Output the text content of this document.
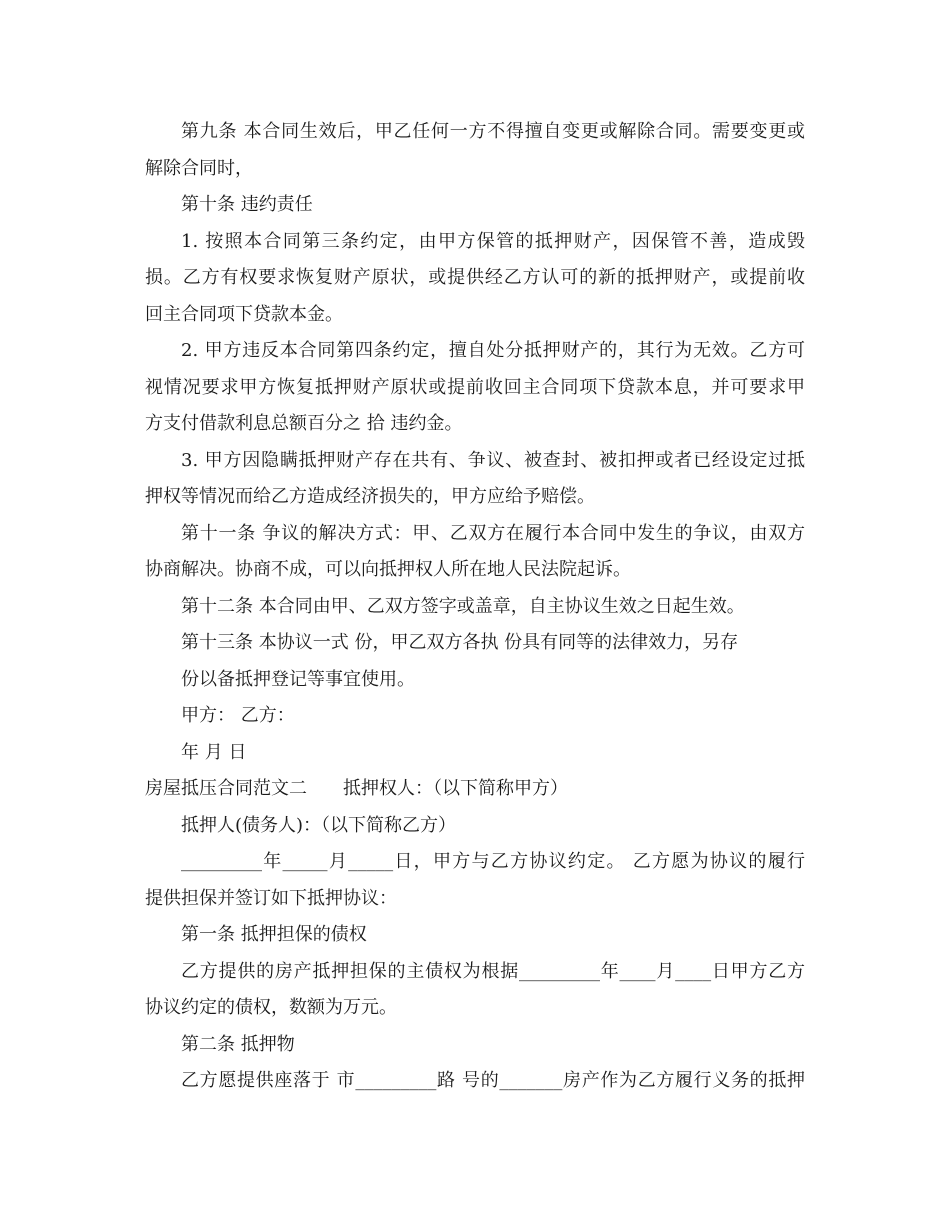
第九条 本合同生效后，甲乙任何一方不得擅自变更或解除合同。需要变更或
解除合同时，
第十条 违约责任
1. 按照本合同第三条约定，由甲方保管的抵押财产，因保管不善，造成毁
损。乙方有权要求恢复财产原状，或提供经乙方认可的新的抵押财产，或提前收
回主合同项下贷款本金。
2. 甲方违反本合同第四条约定，擅自处分抵押财产的，其行为无效。乙方可
视情况要求甲方恢复抵押财产原状或提前收回主合同项下贷款本息，并可要求甲
方支付借款利息总额百分之 拾 违约金。
3. 甲方因隐瞒抵押财产存在共有、争议、被查封、被扣押或者已经设定过抵
押权等情况而给乙方造成经济损失的，甲方应给予赔偿。
第十一条 争议的解决方式：甲、乙双方在履行本合同中发生的争议，由双方
协商解决。协商不成，可以向抵押权人所在地人民法院起诉。
第十二条 本合同由甲、乙双方签字或盖章，自主协议生效之日起生效。
第十三条 本协议一式 份，甲乙双方各执 份具有同等的法律效力，另存
份以备抵押登记等事宜使用。
甲方： 乙方：
年 月 日
房屋抵压合同范文二　　抵押权人：（以下简称甲方）
抵押人(债务人)：（以下简称乙方）
_________年_____月_____日，甲方与乙方协议约定。 乙方愿为协议的履行
提供担保并签订如下抵押协议：
第一条 抵押担保的债权
乙方提供的房产抵押担保的主债权为根据_________年____月____日甲方乙方
协议约定的债权，数额为万元。
第二条 抵押物
乙方愿提供座落于 市_________路 号的_______房产作为乙方履行义务的抵押
